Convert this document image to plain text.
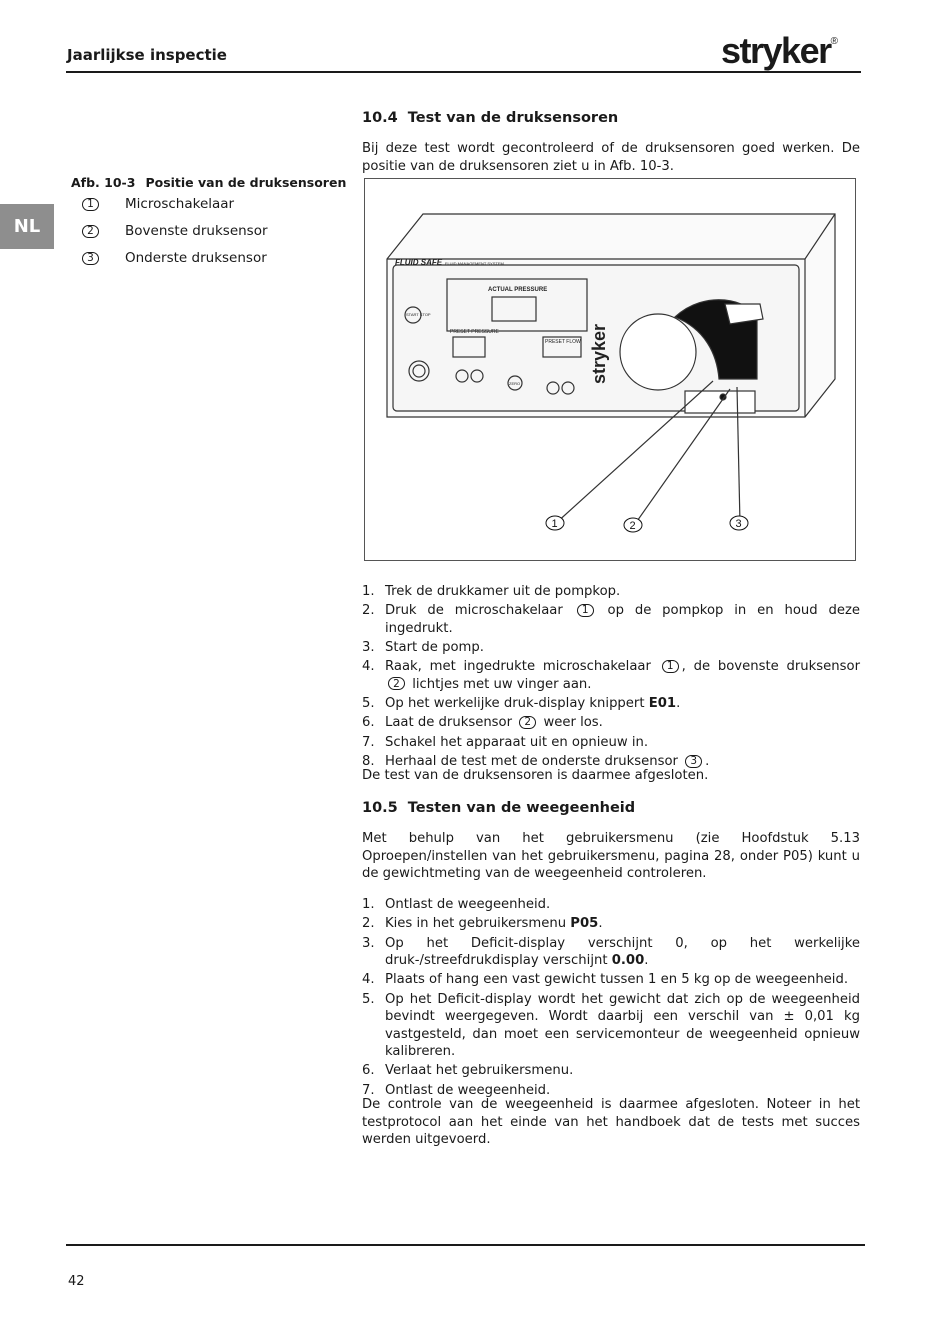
Jaarlijkse inspectie	stryker®
NL
Afb. 10-3 Positie van de druksensoren
1	Microschakelaar
2	Bovenste druksensor
3	Onderste druksensor
10.4 Test van de druksensoren
Bij deze test wordt gecontroleerd of de druksensoren goed werken. De positie van de druksensoren ziet u in Afb. 10-3.
FLUID SAFE FLUID MANAGEMENT SYSTEM
ACTUAL PRESSURE
PRESET PRESSURE
PRESET FLOW
START STOP
ZERO	stryker
1	2	3
1. Trek de drukkamer uit de pompkop.
2. Druk de microschakelaar 1 op de pompkop in en houd deze ingedrukt.
3. Start de pomp.
4. Raak, met ingedrukte microschakelaar 1 , de bovenste druksensor 2 lichtjes met uw vinger aan.
5. Op het werkelijke druk-display knippert E01.
6. Laat de druksensor 2 weer los.
7. Schakel het apparaat uit en opnieuw in.
8. Herhaal de test met de onderste druksensor 3 .
De test van de druksensoren is daarmee afgesloten.
10.5 Testen van de weegeenheid
Met behulp van het gebruikersmenu (zie Hoofdstuk 5.13 Oproepen/instellen van het gebruikersmenu, pagina 28, onder P05) kunt u de gewichtmeting van de weegeenheid controleren.
1. Ontlast de weegeenheid.
2. Kies in het gebruikersmenu P05.
3. Op het Deficit-display verschijnt 0, op het werkelijke druk-/streefdrukdisplay verschijnt 0.00.
4. Plaats of hang een vast gewicht tussen 1 en 5 kg op de weegeenheid.
5. Op het Deficit-display wordt het gewicht dat zich op de weegeenheid bevindt weergegeven. Wordt daarbij een verschil van ± 0,01 kg vastgesteld, dan moet een servicemonteur de weegeenheid opnieuw kalibreren.
6. Verlaat het gebruikersmenu.
7. Ontlast de weegeenheid.
De controle van de weegeenheid is daarmee afgesloten. Noteer in het testprotocol aan het einde van het handboek dat de tests met succes werden uitgevoerd.
42
